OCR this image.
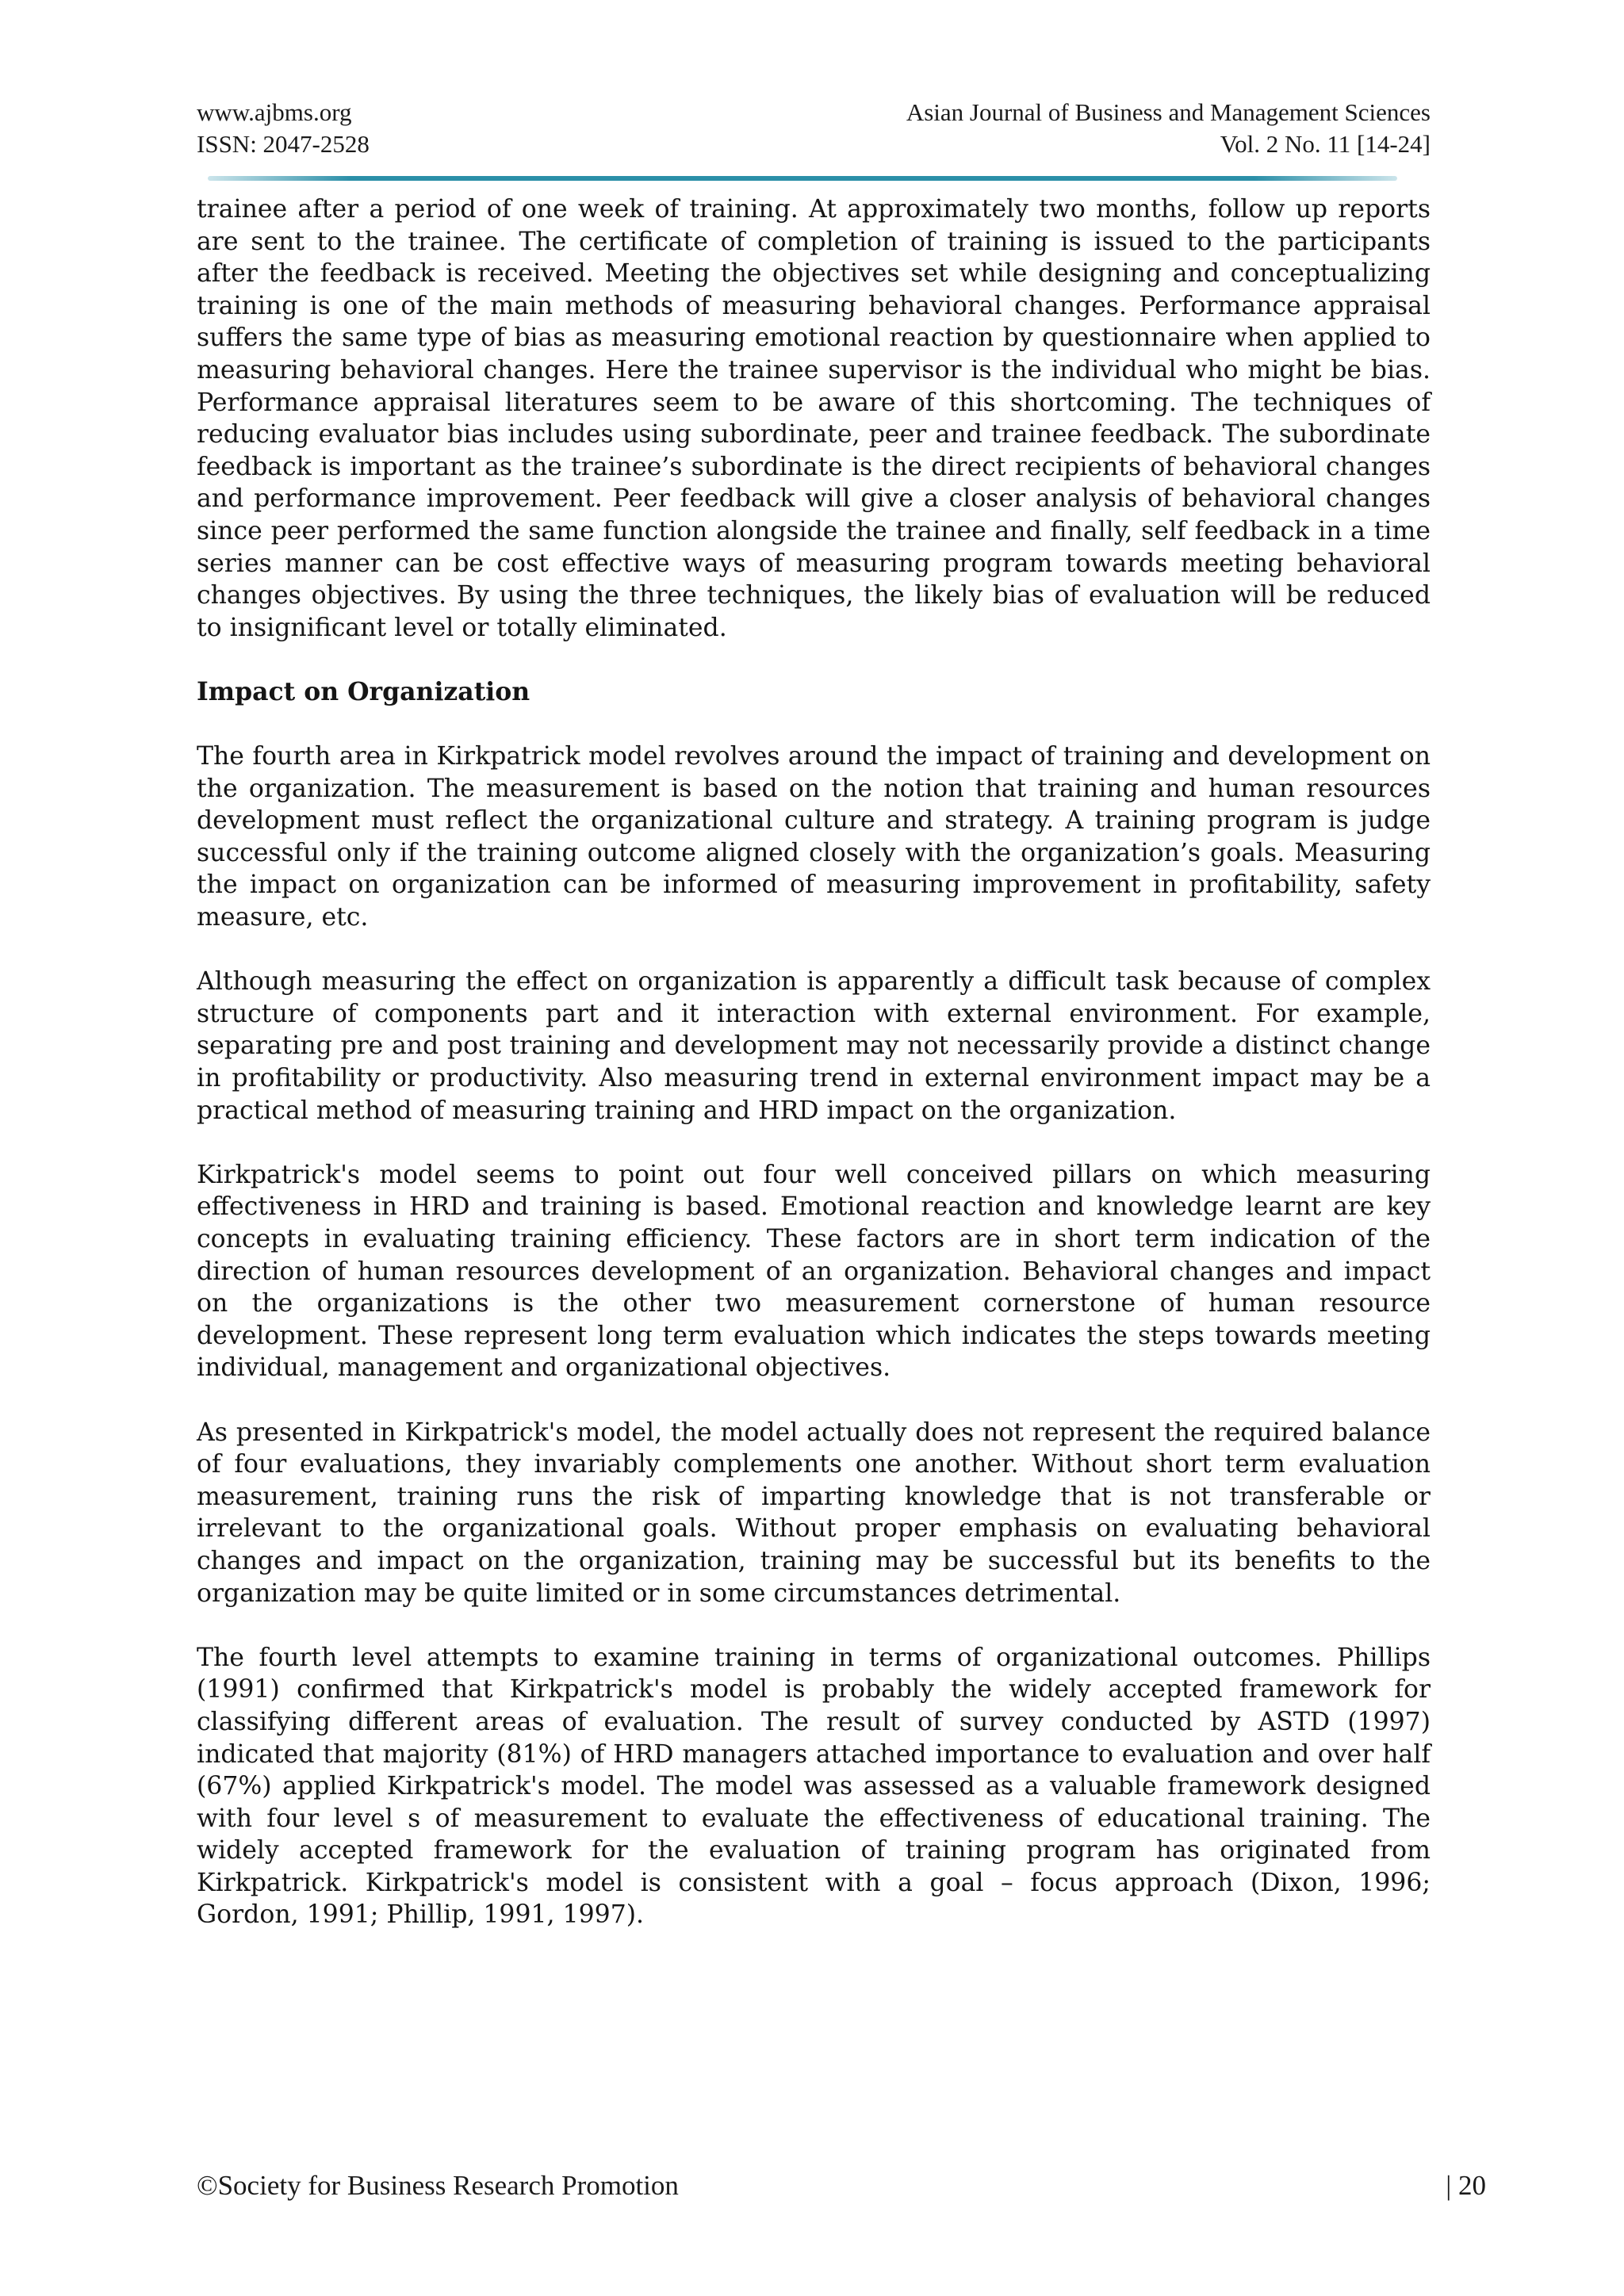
www.ajbms.org	Asian Journal of Business and Management Sciences
ISSN: 2047-2528	Vol. 2 No. 11 [14-24]

trainee after a period of one week of training. At approximately two months, follow up reports are sent to the trainee. The certificate of completion of training is issued to the participants after the feedback is received. Meeting the objectives set while designing and conceptualizing training is one of the main methods of measuring behavioral changes. Performance appraisal suffers the same type of bias as measuring emotional reaction by questionnaire when applied to measuring behavioral changes. Here the trainee supervisor is the individual who might be bias. Performance appraisal literatures seem to be aware of this shortcoming. The techniques of reducing evaluator bias includes using subordinate, peer and trainee feedback. The subordinate feedback is important as the trainee’s subordinate is the direct recipients of behavioral changes and performance improvement. Peer feedback will give a closer analysis of behavioral changes since peer performed the same function alongside the trainee and finally, self feedback in a time series manner can be cost effective ways of measuring program towards meeting behavioral changes objectives. By using the three techniques, the likely bias of evaluation will be reduced to insignificant level or totally eliminated.

Impact on Organization

The fourth area in Kirkpatrick model revolves around the impact of training and development on the organization. The measurement is based on the notion that training and human resources development must reflect the organizational culture and strategy. A training program is judge successful only if the training outcome aligned closely with the organization’s goals. Measuring the impact on organization can be informed of measuring improvement in profitability, safety measure, etc.

Although measuring the effect on organization is apparently a difficult task because of complex structure of components part and it interaction with external environment. For example, separating pre and post training and development may not necessarily provide a distinct change in profitability or productivity. Also measuring trend in external environment impact may be a practical method of measuring training and HRD impact on the organization.

Kirkpatrick's model seems to point out four well conceived pillars on which measuring effectiveness in HRD and training is based. Emotional reaction and knowledge learnt are key concepts in evaluating training efficiency. These factors are in short term indication of the direction of human resources development of an organization. Behavioral changes and impact on the organizations is the other two measurement cornerstone of human resource development. These represent long term evaluation which indicates the steps towards meeting individual, management and organizational objectives.

As presented in Kirkpatrick's model, the model actually does not represent the required balance of four evaluations, they invariably complements one another. Without short term evaluation measurement, training runs the risk of imparting knowledge that is not transferable or irrelevant to the organizational goals. Without proper emphasis on evaluating behavioral changes and impact on the organization, training may be successful but its benefits to the organization may be quite limited or in some circumstances detrimental.

The fourth level attempts to examine training in terms of organizational outcomes. Phillips (1991) confirmed that Kirkpatrick's model is probably the widely accepted framework for classifying different areas of evaluation. The result of survey conducted by ASTD (1997) indicated that majority (81%) of HRD managers attached importance to evaluation and over half (67%) applied Kirkpatrick's model. The model was assessed as a valuable framework designed with four level s of measurement to evaluate the effectiveness of educational training. The widely accepted framework for the evaluation of training program has originated from Kirkpatrick. Kirkpatrick's model is consistent with a goal – focus approach (Dixon, 1996; Gordon, 1991; Phillip, 1991, 1997).

©Society for Business Research Promotion	| 20
